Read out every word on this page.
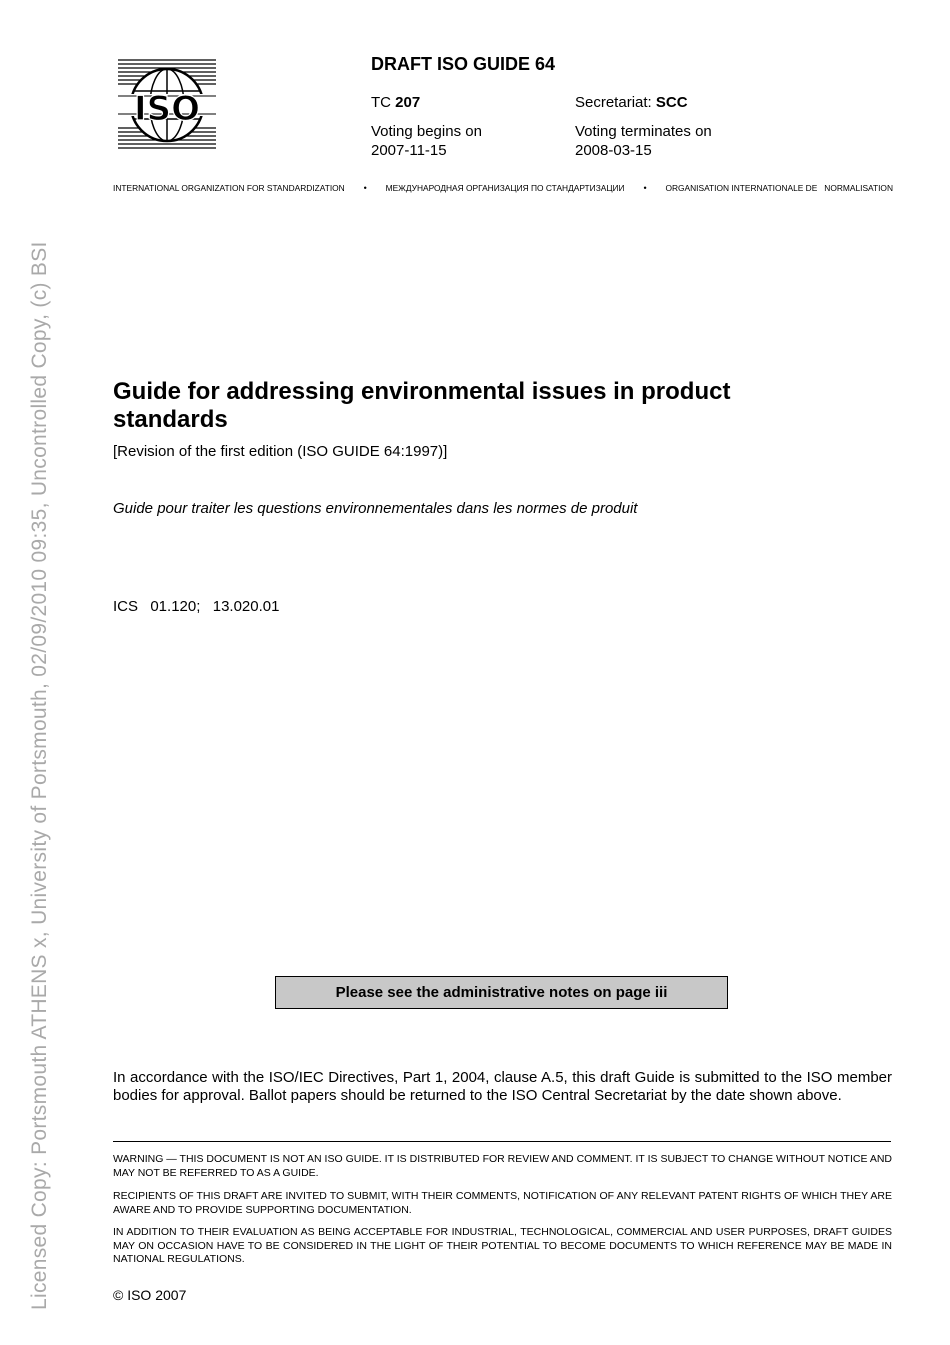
Licensed Copy: Portsmouth ATHENS x, University of Portsmouth, 02/09/2010 09:35, Uncontrolled Copy, (c) BSI
ISO
DRAFT ISO GUIDE 64
TC 207	Secretariat: SCC
Voting begins on
2007-11-15
Voting terminates on
2008-03-15
INTERNATIONAL ORGANIZATION FOR STANDARDIZATION • МЕЖДУНАРОДНАЯ ОРГАНИЗАЦИЯ ПО СТАНДАРТИЗАЦИИ • ORGANISATION INTERNATIONALE DE   NORMALISATION
Guide for addressing environmental issues in product standards
[Revision of the first edition (ISO GUIDE 64:1997)]
Guide pour traiter les questions environnementales dans les normes de produit
ICS  01.120;  13.020.01
Please see the administrative notes on page iii

In accordance with the ISO/IEC Directives, Part 1, 2004, clause A.5, this draft Guide is submitted to the ISO member bodies for approval. Ballot papers should be returned to the ISO Central Secretariat by the date shown above.

WARNING — THIS DOCUMENT IS NOT AN ISO GUIDE. IT IS DISTRIBUTED FOR REVIEW AND COMMENT. IT IS SUBJECT TO CHANGE WITHOUT NOTICE AND MAY NOT BE REFERRED TO AS A GUIDE.

RECIPIENTS OF THIS DRAFT ARE INVITED TO SUBMIT, WITH THEIR COMMENTS, NOTIFICATION OF ANY RELEVANT PATENT RIGHTS OF WHICH THEY ARE AWARE AND TO PROVIDE SUPPORTING DOCUMENTATION.

IN ADDITION TO THEIR EVALUATION AS BEING ACCEPTABLE FOR INDUSTRIAL, TECHNOLOGICAL, COMMERCIAL AND USER PURPOSES, DRAFT GUIDES MAY ON OCCASION HAVE TO BE CONSIDERED IN THE LIGHT OF THEIR POTENTIAL TO BECOME DOCUMENTS TO WHICH REFERENCE MAY BE MADE IN NATIONAL REGULATIONS.

© ISO 2007
